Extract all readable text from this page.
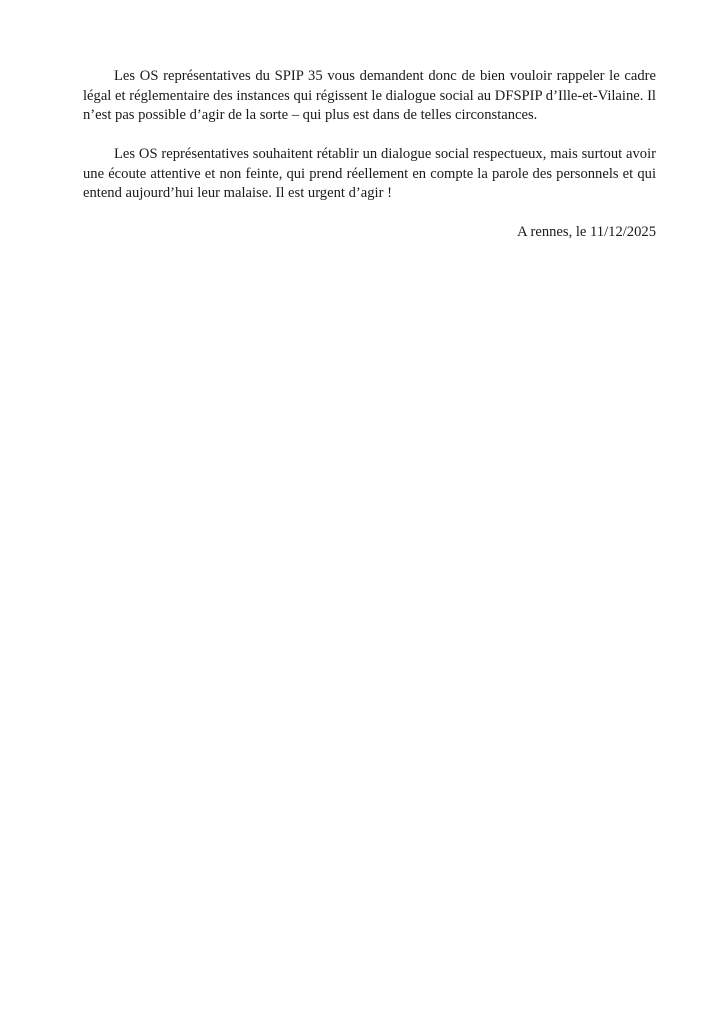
Les OS représentatives du SPIP 35 vous demandent donc de bien vouloir rappeler le cadre légal et réglementaire des instances qui régissent le dialogue social au DFSPIP d’Ille-et-Vilaine. Il n’est pas possible d’agir de la sorte – qui plus est dans de telles circonstances.

Les OS représentatives souhaitent rétablir un dialogue social respectueux, mais surtout avoir une écoute attentive et non feinte, qui prend réellement en compte la parole des personnels et qui entend aujourd’hui leur malaise. Il est urgent d’agir !

A rennes, le 11/12/2025
